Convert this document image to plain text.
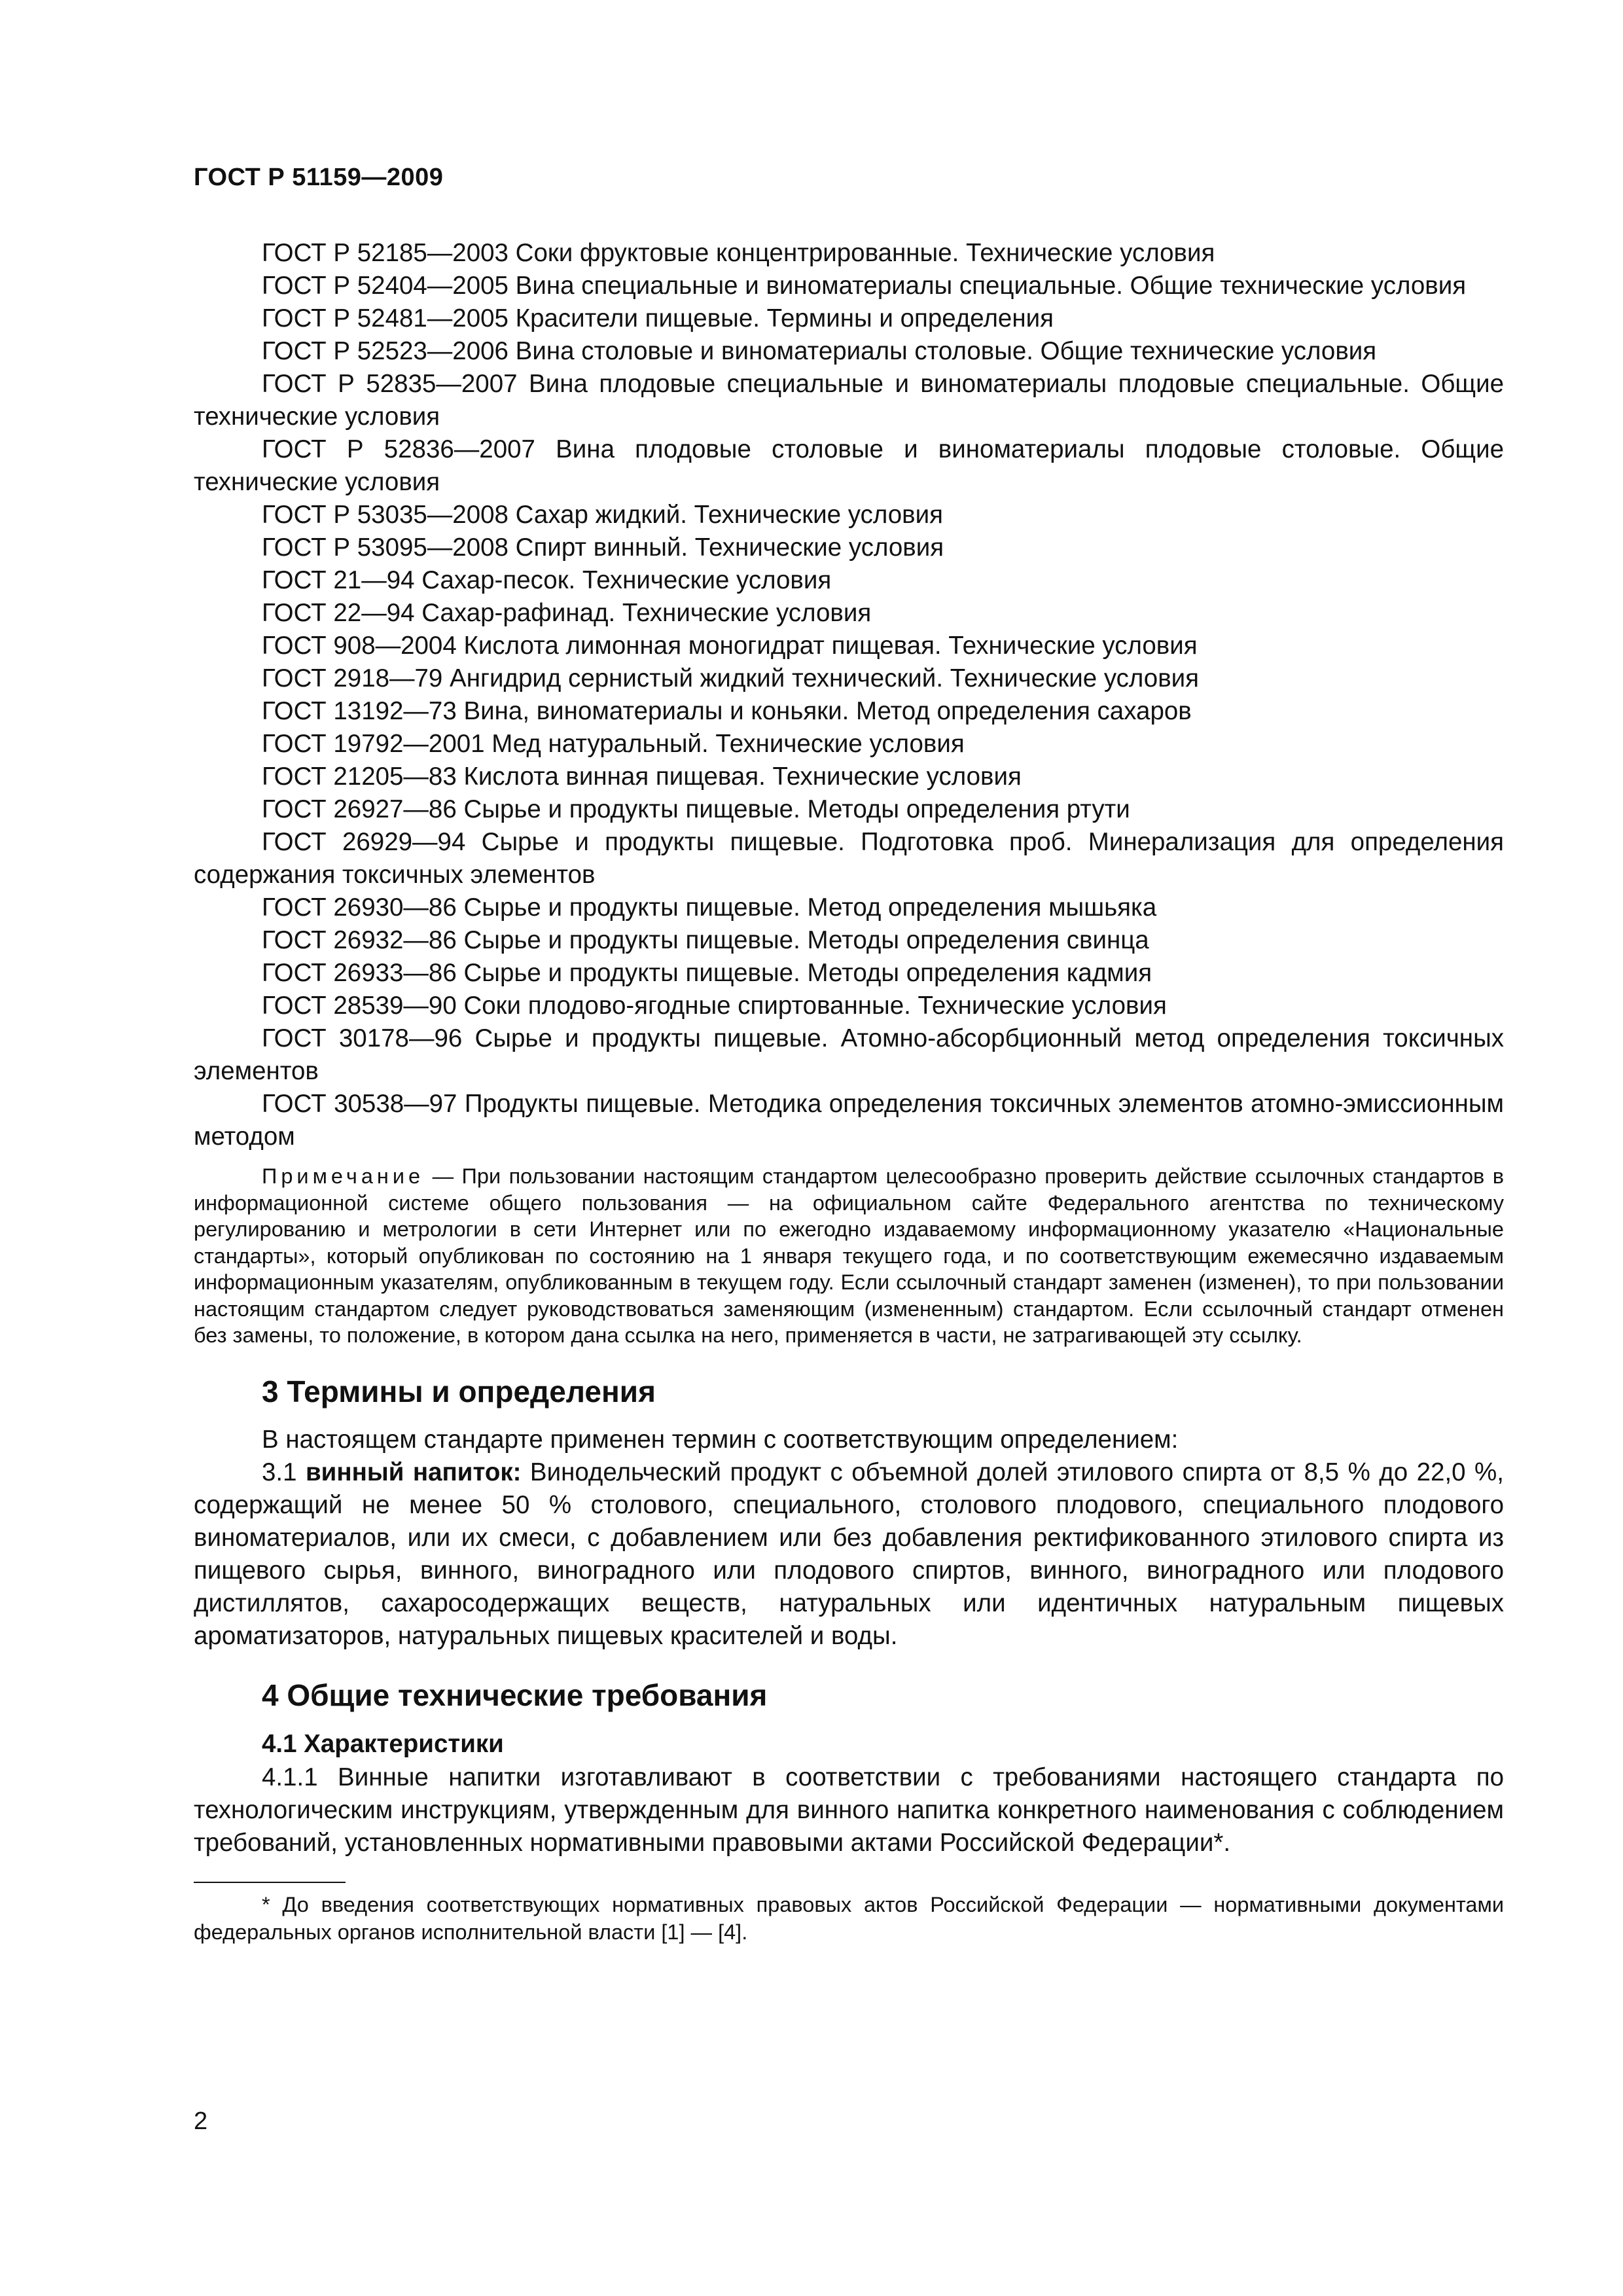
ГОСТ Р 51159—2009

ГОСТ Р 52185—2003 Соки фруктовые концентрированные. Технические условия

ГОСТ Р 52404—2005 Вина специальные и виноматериалы специальные. Общие технические условия

ГОСТ Р 52481—2005 Красители пищевые. Термины и определения

ГОСТ Р 52523—2006 Вина столовые и виноматериалы столовые. Общие технические условия

ГОСТ Р 52835—2007 Вина плодовые специальные и виноматериалы плодовые специальные. Общие технические условия

ГОСТ Р 52836—2007 Вина плодовые столовые и виноматериалы плодовые столовые. Общие технические условия

ГОСТ Р 53035—2008 Сахар жидкий. Технические условия

ГОСТ Р 53095—2008 Спирт винный. Технические условия

ГОСТ 21—94 Сахар-песок. Технические условия

ГОСТ 22—94 Сахар-рафинад. Технические условия

ГОСТ 908—2004 Кислота лимонная моногидрат пищевая. Технические условия

ГОСТ 2918—79 Ангидрид сернистый жидкий технический. Технические условия

ГОСТ 13192—73 Вина, виноматериалы и коньяки. Метод определения сахаров

ГОСТ 19792—2001 Мед натуральный. Технические условия

ГОСТ 21205—83 Кислота винная пищевая. Технические условия

ГОСТ 26927—86 Сырье и продукты пищевые. Методы определения ртути

ГОСТ 26929—94 Сырье и продукты пищевые. Подготовка проб. Минерализация для определения содержания токсичных элементов

ГОСТ 26930—86 Сырье и продукты пищевые. Метод определения мышьяка

ГОСТ 26932—86 Сырье и продукты пищевые. Методы определения свинца

ГОСТ 26933—86 Сырье и продукты пищевые. Методы определения кадмия

ГОСТ 28539—90 Соки плодово-ягодные спиртованные. Технические условия

ГОСТ 30178—96 Сырье и продукты пищевые. Атомно-абсорбционный метод определения токсичных элементов

ГОСТ 30538—97 Продукты пищевые. Методика определения токсичных элементов атомно-эмиссионным методом

Примечание — При пользовании настоящим стандартом целесообразно проверить действие ссылочных стандартов в информационной системе общего пользования — на официальном сайте Федерального агентства по техническому регулированию и метрологии в сети Интернет или по ежегодно издаваемому информационному указателю «Национальные стандарты», который опубликован по состоянию на 1 января текущего года, и по соответствующим ежемесячно издаваемым информационным указателям, опубликованным в текущем году. Если ссылочный стандарт заменен (изменен), то при пользовании настоящим стандартом следует руководствоваться заменяющим (измененным) стандартом. Если ссылочный стандарт отменен без замены, то положение, в котором дана ссылка на него, применяется в части, не затрагивающей эту ссылку.

3 Термины и определения

В настоящем стандарте применен термин с соответствующим определением:

3.1 винный напиток: Винодельческий продукт с объемной долей этилового спирта от 8,5 % до 22,0 %, содержащий не менее 50 % столового, специального, столового плодового, специального плодового виноматериалов, или их смеси, с добавлением или без добавления ректификованного этилового спирта из пищевого сырья, винного, виноградного или плодового спиртов, винного, виноградного или плодового дистиллятов, сахаросодержащих веществ, натуральных или идентичных натуральным пищевых ароматизаторов, натуральных пищевых красителей и воды.

4 Общие технические требования
4.1 Характеристики

4.1.1 Винные напитки изготавливают в соответствии с требованиями настоящего стандарта по технологическим инструкциям, утвержденным для винного напитка конкретного наименования с соблюдением требований, установленных нормативными правовыми актами Российской Федерации*.

* До введения соответствующих нормативных правовых актов Российской Федерации — нормативными документами федеральных органов исполнительной власти [1] — [4].

2
